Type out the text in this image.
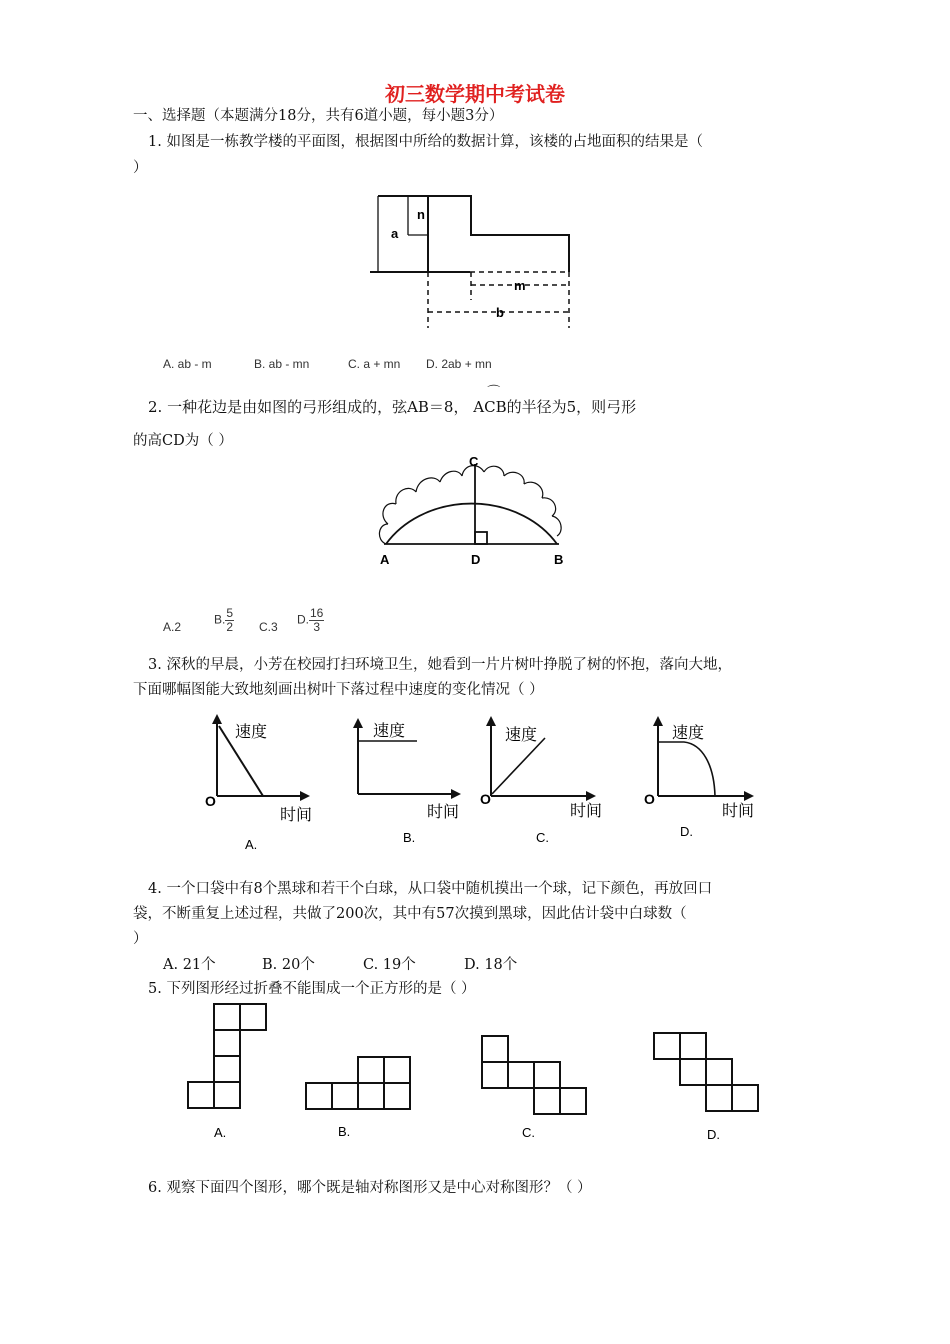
初三数学期中考试卷
一、选择题（本题满分18分，共有6道小题，每小题3分）
1. 如图是一栋教学楼的平面图，根据图中所给的数据计算，该楼的占地面积的结果是（
）
n
a
m
b
A. ab - m	B. ab - mn	C. a + mn D. 2ab + mn
2. 一种花边是由如图的弓形组成的，弦AB＝8，
⌒
ACB的半径为5，则弓形
的高CD为（ ）
A	B
C
D
A.2
B. $\frac{5}{2} C.3$
D. $\frac{16}{3}$
3. 深秋的早晨，小芳在校园打扫环境卫生，她看到一片片树叶挣脱了树的怀抱，落向大地，
下面哪幅图能大致地刻画出树叶下落过程中速度的变化情况（ ）
速度
O
时间
A.
速度
时间
B.
速度
O
时间
C.
速度
O
时间
D.
4. 一个口袋中有8个黑球和若干个白球，从口袋中随机摸出一个球，记下颜色，再放回口
袋，不断重复上述过程，共做了200次，其中有57次摸到黑球，因此估计袋中白球数（
）
A. 21个	B. 20个	C. 19个	D. 18个
5. 下列图形经过折叠不能围成一个正方形的是（ ）
A.	B.	C.	D.
6. 观察下面四个图形，哪个既是轴对称图形又是中心对称图形？（ ）
